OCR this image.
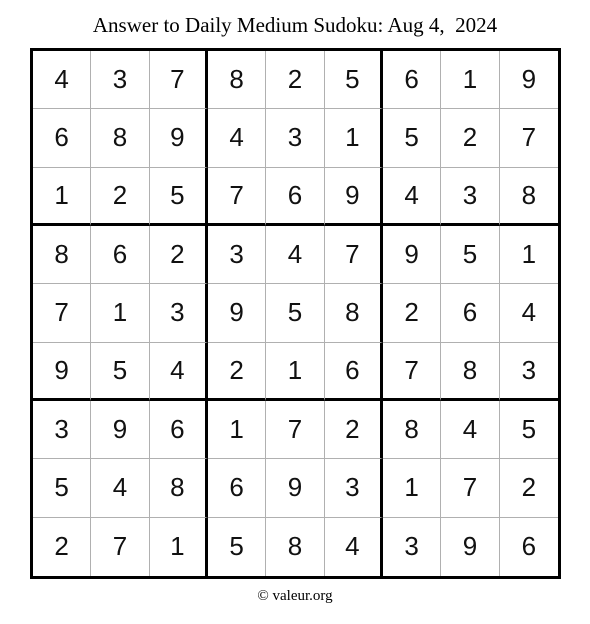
Answer to Daily Medium Sudoku: Aug 4,  2024
4	3	7	8	2	5	6	1	9
6	8	9	4	3	1	5	2	7
1	2	5	7	6	9	4	3	8
8	6	2	3	4	7	9	5	1
7	1	3	9	5	8	2	6	4
9	5	4	2	1	6	7	8	3
3	9	6	1	7	2	8	4	5
5	4	8	6	9	3	1	7	2
2	7	1	5	8	4	3	9	6
© valeur.org
